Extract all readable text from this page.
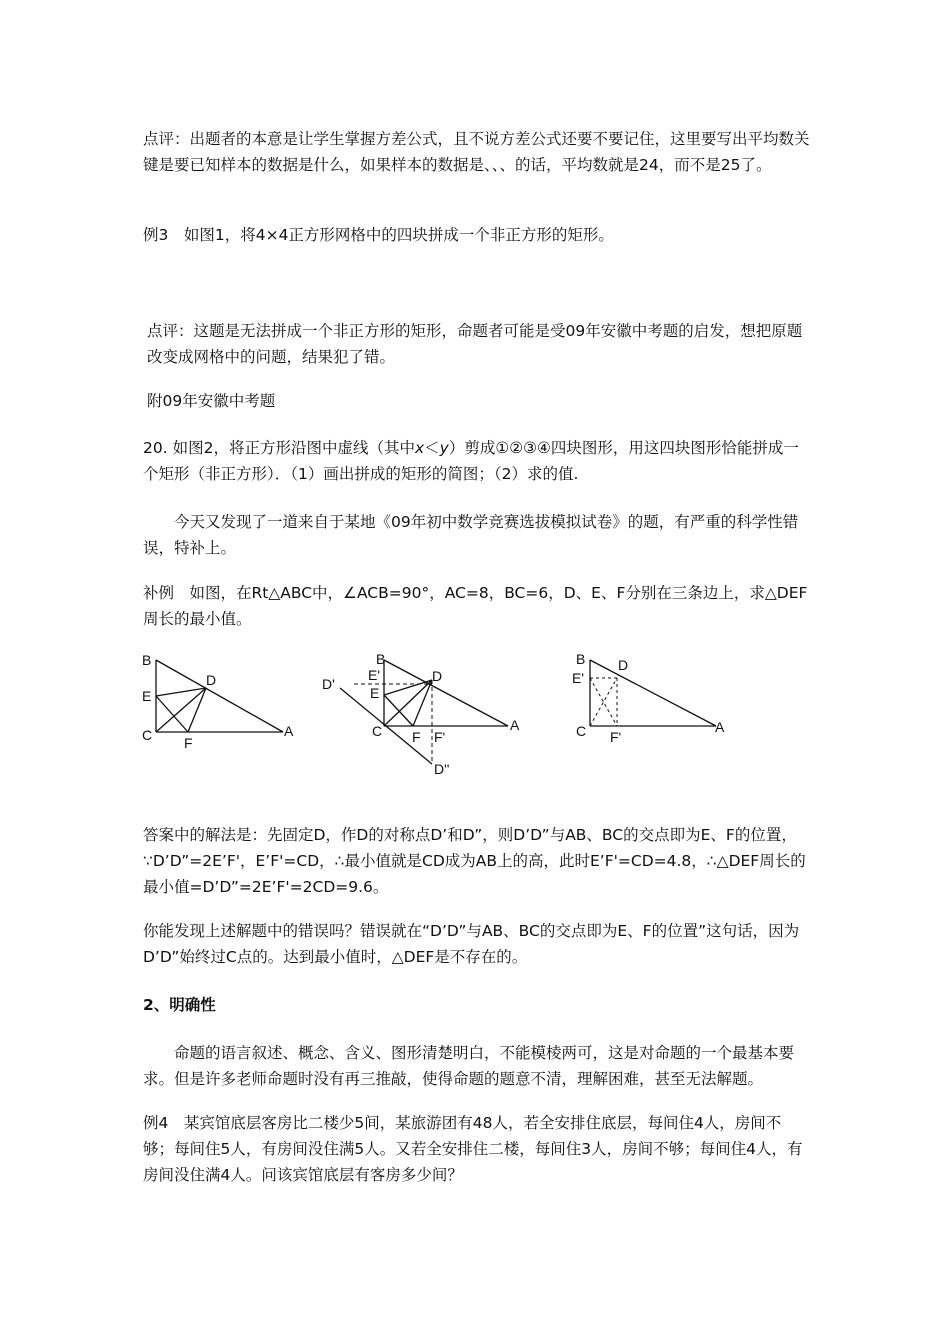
点评：出题者的本意是让学生掌握方差公式，且不说方差公式还要不要记住，这里要写出平均数关键是要已知样本的数据是什么，如果样本的数据是、、、的话，平均数就是24，而不是25了。

例3　如图1，将4×4正方形网格中的四块拼成一个非正方形的矩形。

点评：这题是无法拼成一个非正方形的矩形，命题者可能是受09年安徽中考题的启发，想把原题改变成网格中的问题，结果犯了错。

附09年安徽中考题

20. 如图2，将正方形沿图中虚线（其中x＜y）剪成①②③④四块图形，用这四块图形恰能拼成一个矩形（非正方形）．（1）画出拼成的矩形的简图；（2）求的值.

今天又发现了一道来自于某地《09年初中数学竞赛选拔模拟试卷》的题，有严重的科学性错误，特补上。

补例　如图，在Rt△ABC中，∠ACB=90°，AC=8，BC=6，D、E、F分别在三条边上，求△DEF周长的最小值。

B
E
C
D
F
A
B
E'
E
C
D
D'
D''
F F'
A
B D
E'
C F'
A

答案中的解法是：先固定D，作D的对称点D’和D”，则D’D”与AB、BC的交点即为E、F的位置，∵D’D”=2E’F'，E’F'=CD，∴最小值就是CD成为AB上的高，此时E’F'=CD=4.8，∴△DEF周长的最小值=D’D”=2E’F'=2CD=9.6。

你能发现上述解题中的错误吗？错误就在“D’D”与AB、BC的交点即为E、F的位置”这句话，因为D’D”始终过C点的。达到最小值时，△DEF是不存在的。

2、明确性

命题的语言叙述、概念、含义、图形清楚明白，不能模棱两可，这是对命题的一个最基本要求。但是许多老师命题时没有再三推敲，使得命题的题意不清，理解困难，甚至无法解题。

例4　某宾馆底层客房比二楼少5间，某旅游团有48人，若全安排住底层，每间住4人，房间不够；每间住5人，有房间没住满5人。又若全安排住二楼，每间住3人，房间不够；每间住4人，有房间没住满4人。问该宾馆底层有客房多少间？
